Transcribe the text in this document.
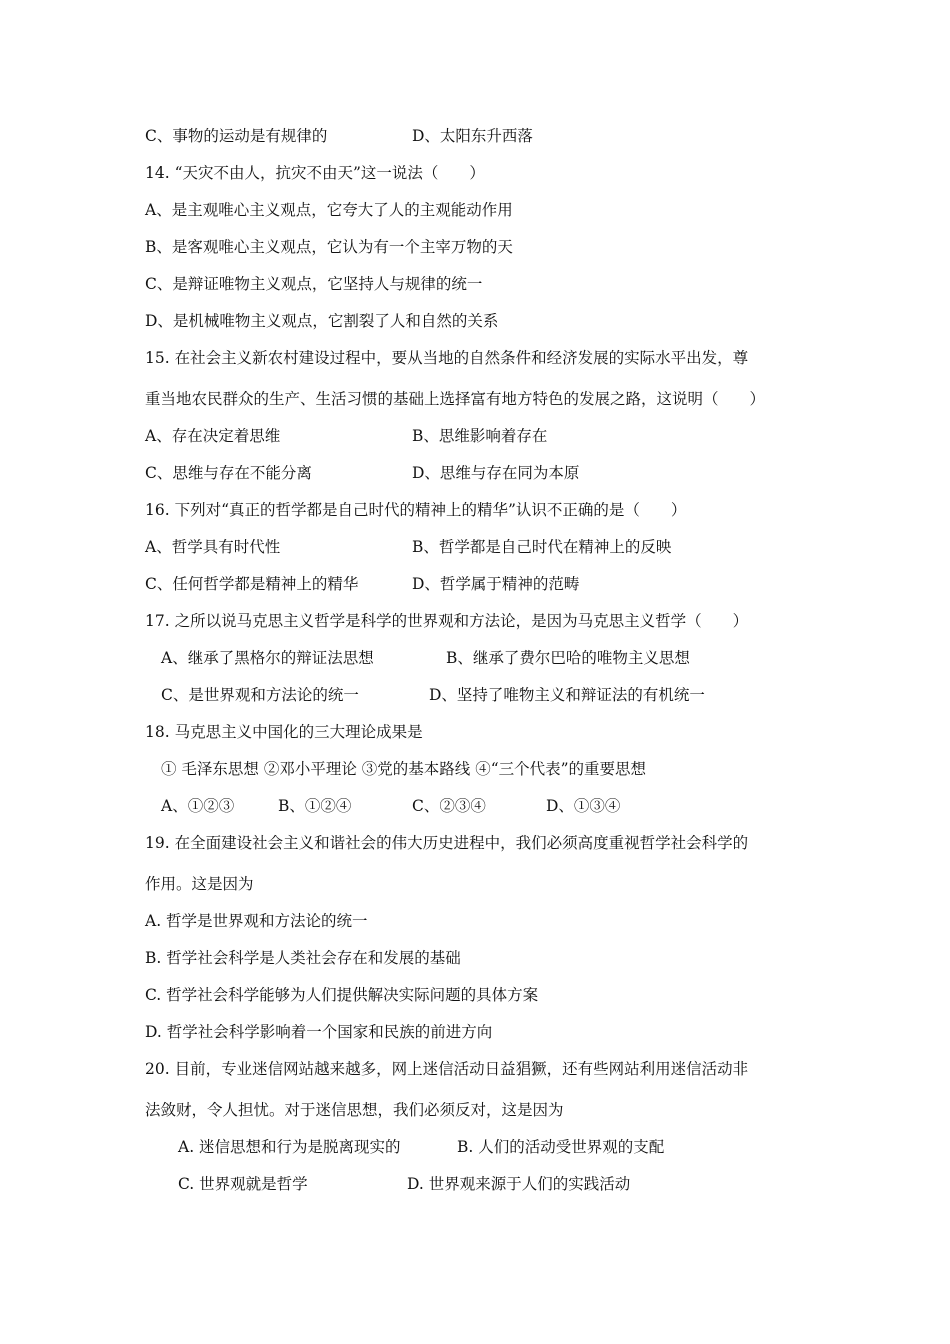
C、事物的运动是有规律的	D、太阳东升西落
14. “天灾不由人，抗灾不由天”这一说法（　　）
A、是主观唯心主义观点，它夸大了人的主观能动作用
B、是客观唯心主义观点，它认为有一个主宰万物的天
C、是辩证唯物主义观点，它坚持人与规律的统一
D、是机械唯物主义观点，它割裂了人和自然的关系
15. 在社会主义新农村建设过程中，要从当地的自然条件和经济发展的实际水平出发，尊
重当地农民群众的生产、生活习惯的基础上选择富有地方特色的发展之路，这说明（　　）
A、存在决定着思维	B、思维影响着存在
C、思维与存在不能分离	D、思维与存在同为本原
16. 下列对“真正的哲学都是自己时代的精神上的精华”认识不正确的是（　　）
A、哲学具有时代性	B、哲学都是自己时代在精神上的反映
C、任何哲学都是精神上的精华	D、哲学属于精神的范畴
17. 之所以说马克思主义哲学是科学的世界观和方法论，是因为马克思主义哲学（　　）
A、继承了黑格尔的辩证法思想	B、继承了费尔巴哈的唯物主义思想
C、是世界观和方法论的统一	D、坚持了唯物主义和辩证法的有机统一
18. 马克思主义中国化的三大理论成果是
① 毛泽东思想 ②邓小平理论 ③党的基本路线 ④“三个代表”的重要思想
A、①②③	B、①②④	C、②③④	D、①③④
19. 在全面建设社会主义和谐社会的伟大历史进程中，我们必须高度重视哲学社会科学的
作用。这是因为
A. 哲学是世界观和方法论的统一
B. 哲学社会科学是人类社会存在和发展的基础
C. 哲学社会科学能够为人们提供解决实际问题的具体方案
D. 哲学社会科学影响着一个国家和民族的前进方向
20. 目前，专业迷信网站越来越多，网上迷信活动日益猖獗，还有些网站利用迷信活动非
法敛财，令人担忧。对于迷信思想，我们必须反对，这是因为
A. 迷信思想和行为是脱离现实的	B. 人们的活动受世界观的支配
C. 世界观就是哲学	D. 世界观来源于人们的实践活动
